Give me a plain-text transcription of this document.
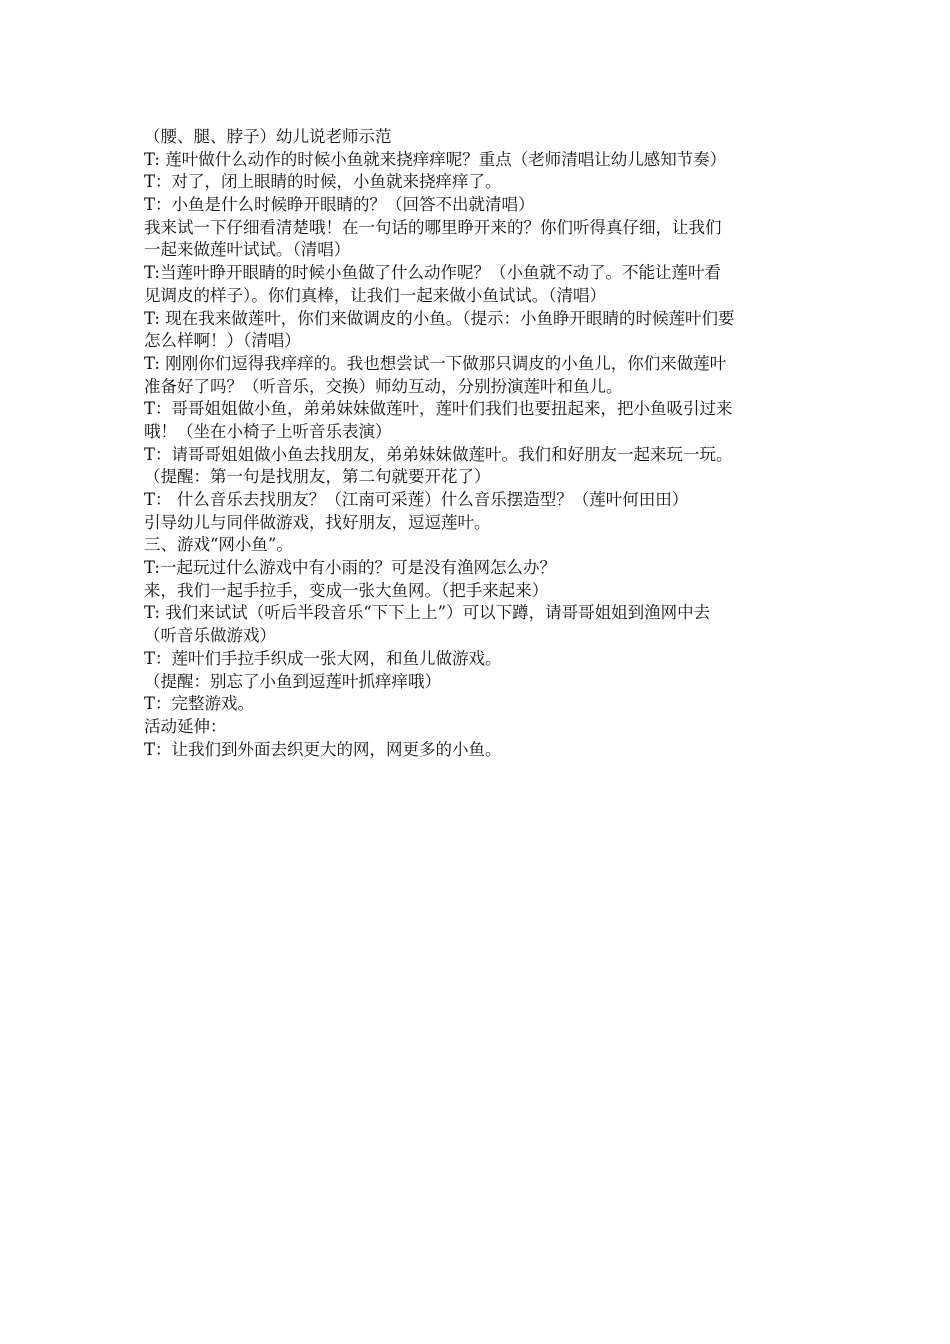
（腰、腿、脖子）幼儿说老师示范
T: 莲叶做什么动作的时候小鱼就来挠痒痒呢？重点（老师清唱让幼儿感知节奏）
T：对了，闭上眼睛的时候，小鱼就来挠痒痒了。
T：小鱼是什么时候睁开眼睛的？（回答不出就清唱）
我来试一下仔细看清楚哦！在一句话的哪里睁开来的？你们听得真仔细，让我们
一起来做莲叶试试。（清唱）
T:当莲叶睁开眼睛的时候小鱼做了什么动作呢？（小鱼就不动了。不能让莲叶看
见调皮的样子）。你们真棒，让我们一起来做小鱼试试。（清唱）
T: 现在我来做莲叶，你们来做调皮的小鱼。（提示：小鱼睁开眼睛的时候莲叶们要
怎么样啊！）（清唱）
T: 刚刚你们逗得我痒痒的。我也想尝试一下做那只调皮的小鱼儿，你们来做莲叶
准备好了吗？（听音乐，交换）师幼互动，分别扮演莲叶和鱼儿。
T：哥哥姐姐做小鱼，弟弟妹妹做莲叶，莲叶们我们也要扭起来，把小鱼吸引过来
哦！（坐在小椅子上听音乐表演）
T：请哥哥姐姐做小鱼去找朋友，弟弟妹妹做莲叶。我们和好朋友一起来玩一玩。
（提醒：第一句是找朋友，第二句就要开花了）
T： 什么音乐去找朋友？（江南可采莲）什么音乐摆造型？（莲叶何田田）
引导幼儿与同伴做游戏，找好朋友，逗逗莲叶。
三、游戏“网小鱼”。
T:一起玩过什么游戏中有小雨的？可是没有渔网怎么办？
来，我们一起手拉手，变成一张大鱼网。（把手来起来）
T: 我们来试试（听后半段音乐“下下上上”）可以下蹲，请哥哥姐姐到渔网中去
（听音乐做游戏）
T：莲叶们手拉手织成一张大网，和鱼儿做游戏。
（提醒：别忘了小鱼到逗莲叶抓痒痒哦）
T：完整游戏。
活动延伸：
T：让我们到外面去织更大的网，网更多的小鱼。
